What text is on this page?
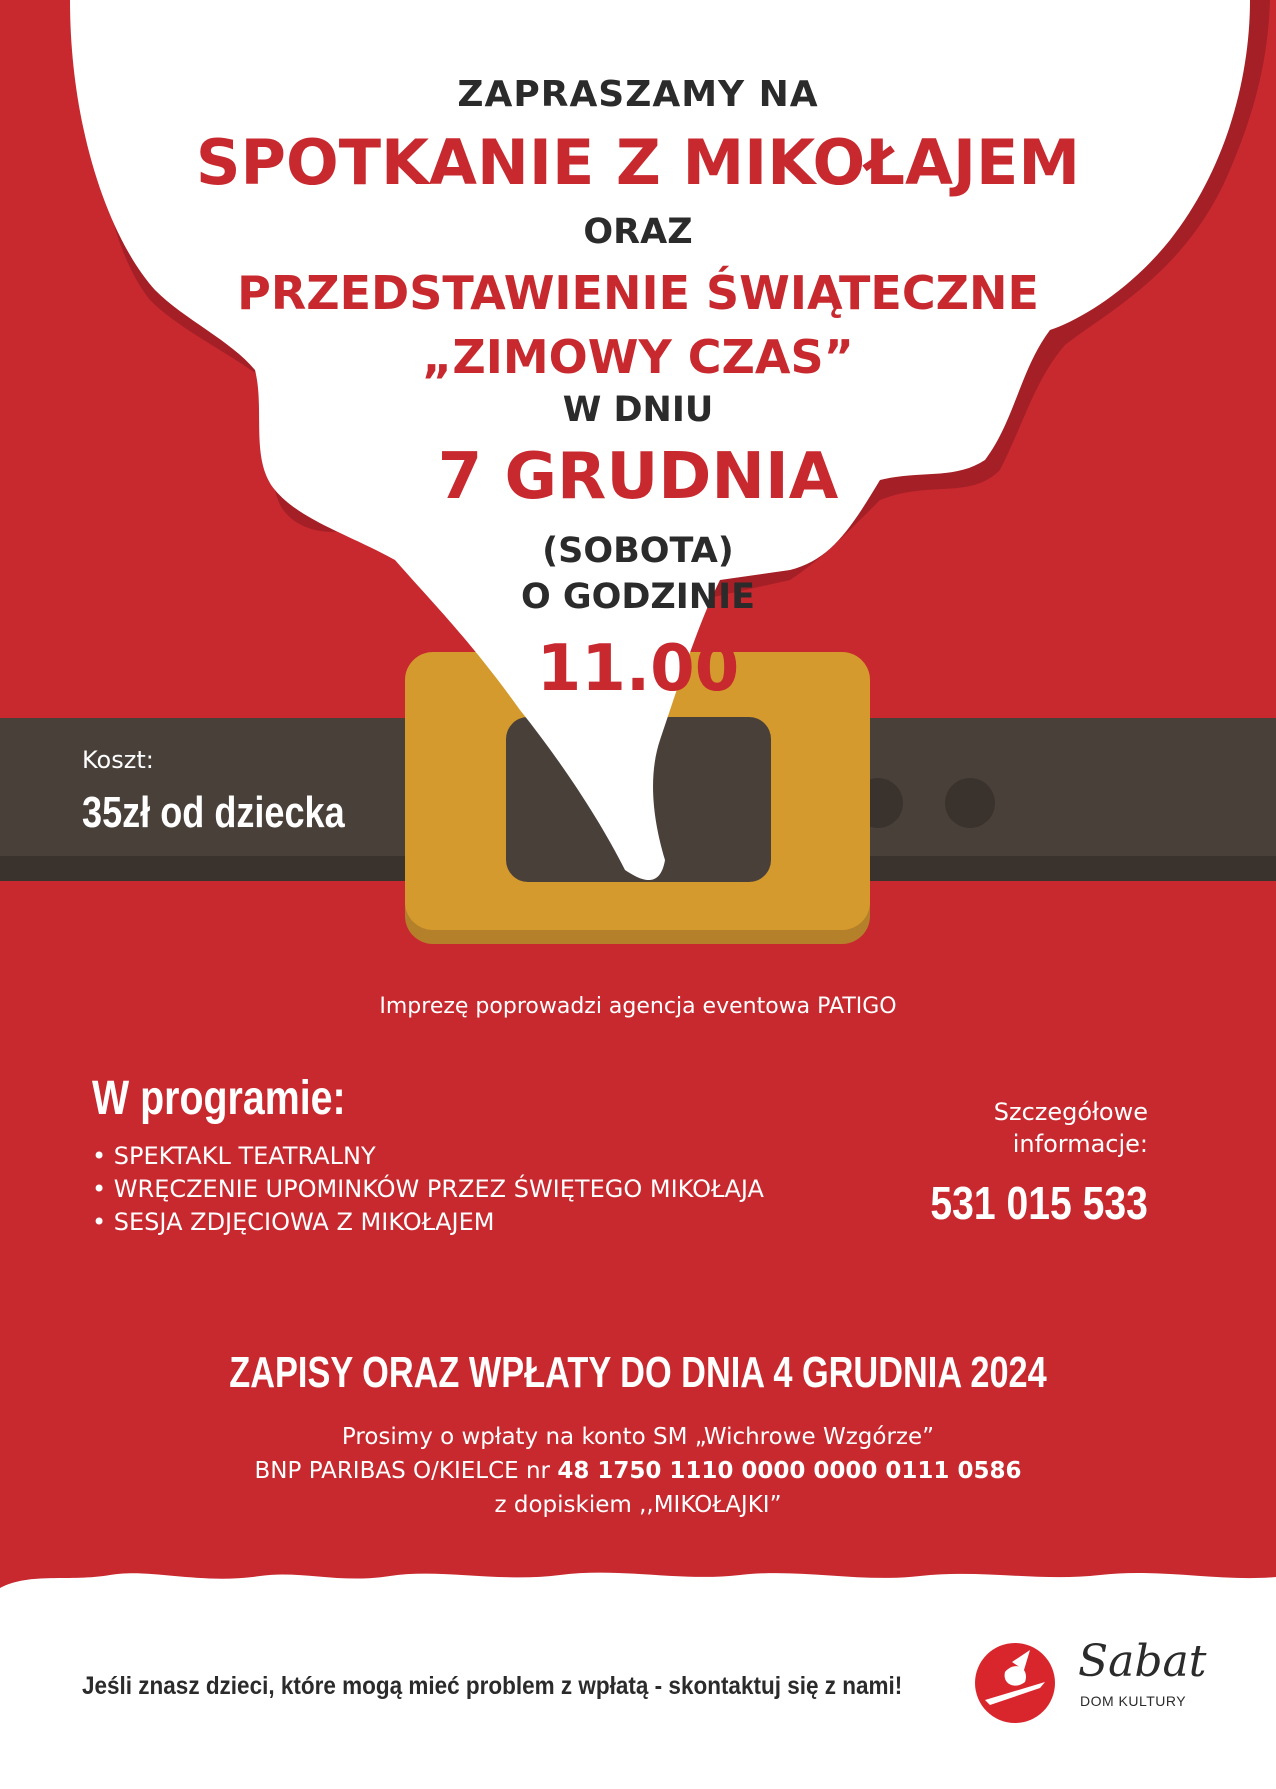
ZAPRASZAMY NA

SPOTKANIE Z MIKOŁAJEM

ORAZ

PRZEDSTAWIENIE ŚWIĄTECZNE

„ZIMOWY CZAS”

W DNIU

7 GRUDNIA

(SOBOTA)

O GODZINIE

11.00

Koszt:

35zł od dziecka

Imprezę poprowadzi agencja eventowa PATIGO

W programie:

• SPEKTAKL TEATRALNY

• WRĘCZENIE UPOMINKÓW PRZEZ ŚWIĘTEGO MIKOŁAJA

• SESJA ZDJĘCIOWA Z MIKOŁAJEM

Szczegółowe

informacje:

531 015 533

ZAPISY ORAZ WPŁATY DO DNIA 4 GRUDNIA 2024

Prosimy o wpłaty na konto SM „Wichrowe Wzgórze”

BNP PARIBAS O/KIELCE nr 48 1750 1110 0000 0000 0111 0586

z dopiskiem ,,MIKOŁAJKI”

Jeśli znasz dzieci, które mogą mieć problem z wpłatą - skontaktuj się z nami!	Sabat

DOM KULTURY
